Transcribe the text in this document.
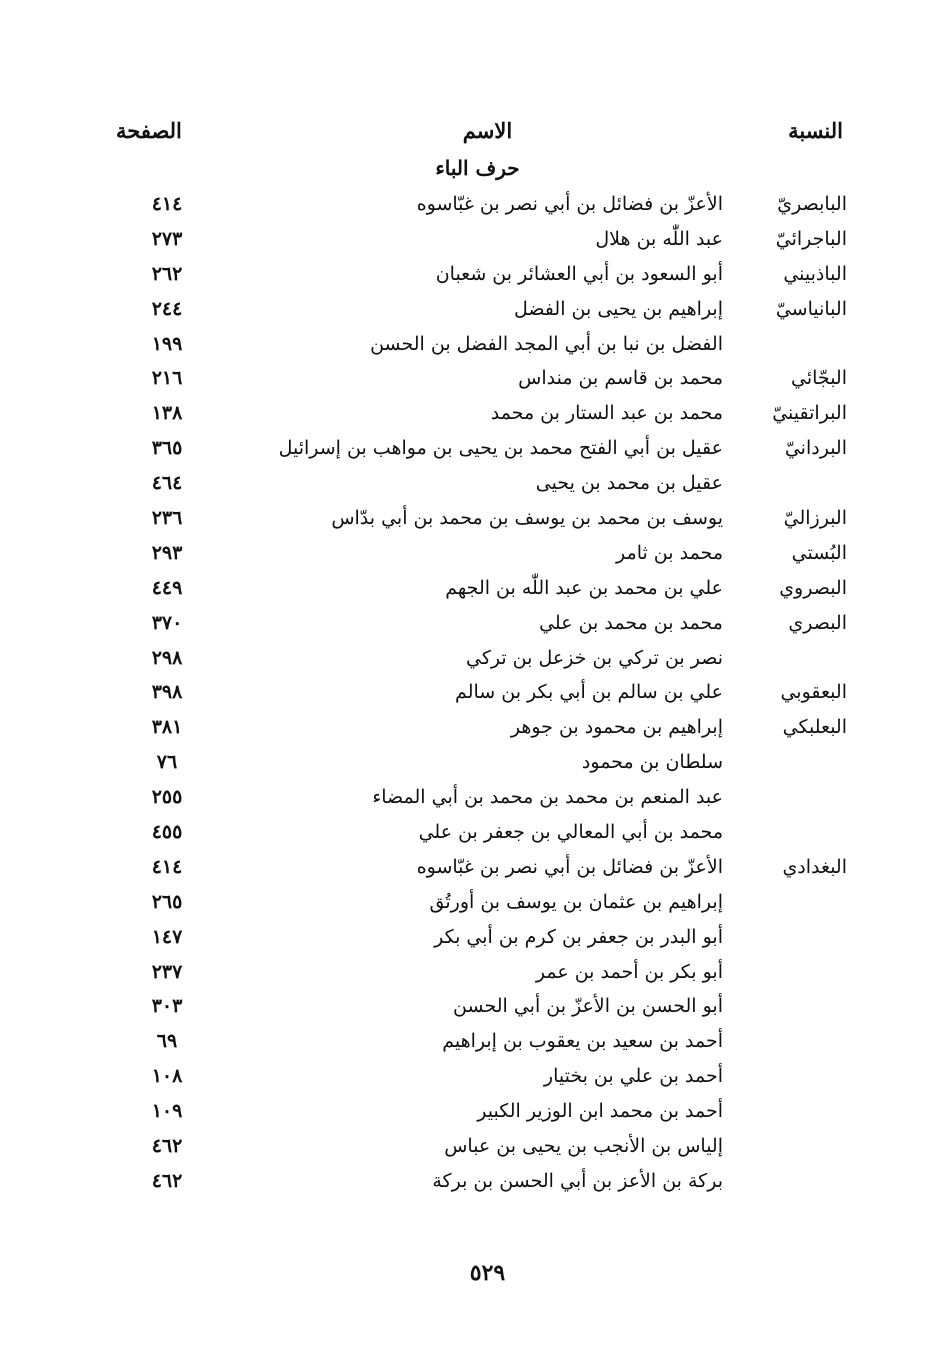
النسبة
الاسم
الصفحة
حرف الباء
البابصريّ
الأعزّ بن فضائل بن أبي نصر بن غبّاسوه
٤١٤
الباجرائيّ
عبد اللّٰه بن هلال
٢٧٣
الباذبيني
أبو السعود بن أبي العشائر بن شعبان
٢٦٢
البانياسيّ
إبراهيم بن يحيى بن الفضل
٢٤٤
الفضل بن نبا بن أبي المجد الفضل بن الحسن
١٩٩
البجّائي
محمد بن قاسم بن منداس
٢١٦
البراتقينيّ
محمد بن عبد الستار بن محمد
١٣٨
البردانيّ
عقيل بن أبي الفتح محمد بن يحيى بن مواهب بن إسرائيل
٣٦٥
عقيل بن محمد بن يحيى
٤٦٤
البرزاليّ
يوسف بن محمد بن يوسف بن محمد بن أبي بدّاس
٢٣٦
البُستي
محمد بن ثامر
٢٩٣
البصروي
علي بن محمد بن عبد اللّٰه بن الجهم
٤٤٩
البصري
محمد بن محمد بن علي
٣٧٠
نصر بن تركي بن خزعل بن تركي
٢٩٨
البعقوبي
علي بن سالم بن أبي بكر بن سالم
٣٩٨
البعلبكي
إبراهيم بن محمود بن جوهر
٣٨١
سلطان بن محمود
٧٦
عبد المنعم بن محمد بن محمد بن أبي المضاء
٢٥٥
محمد بن أبي المعالي بن جعفر بن علي
٤٥٥
البغدادي
الأعزّ بن فضائل بن أبي نصر بن غبّاسوه
٤١٤
إبراهيم بن عثمان بن يوسف بن أورتُق
٢٦٥
أبو البدر بن جعفر بن كرم بن أبي بكر
١٤٧
أبو بكر بن أحمد بن عمر
٢٣٧
أبو الحسن بن الأعزّ بن أبي الحسن
٣٠٣
أحمد بن سعيد بن يعقوب بن إبراهيم
٦٩
أحمد بن علي بن بختيار
١٠٨
أحمد بن محمد ابن الوزير الكبير
١٠٩
إلياس بن الأنجب بن يحيى بن عباس
٤٦٢
بركة بن الأعز بن أبي الحسن بن بركة
٤٦٢
٥٢٩
